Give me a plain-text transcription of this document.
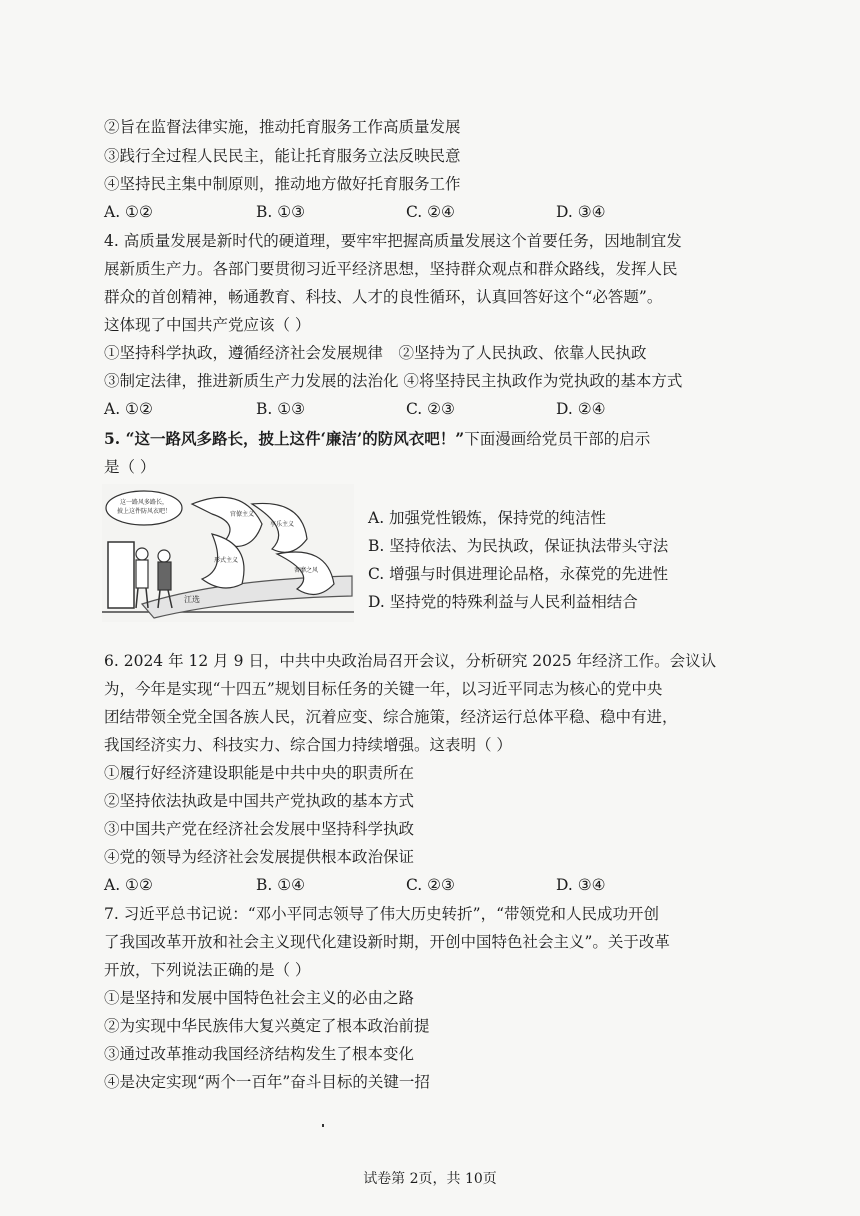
②旨在监督法律实施，推动托育服务工作高质量发展
③践行全过程人民民主，能让托育服务立法反映民意
④坚持民主集中制原则，推动地方做好托育服务工作
A. ①②	B. ①③	C. ②④	D. ③④
4. 高质量发展是新时代的硬道理，要牢牢把握高质量发展这个首要任务，因地制宜发
展新质生产力。各部门要贯彻习近平经济思想，坚持群众观点和群众路线，发挥人民
群众的首创精神，畅通教育、科技、人才的良性循环，认真回答好这个“必答题”。
这体现了中国共产党应该（ ）
①坚持科学执政，遵循经济社会发展规律　②坚持为了人民执政、依靠人民执政
③制定法律，推进新质生产力发展的法治化 ④将坚持民主执政作为党执政的基本方式
A. ①②	B. ①③	C. ②③	D. ②④
5. “这一路风多路长，披上这件‘廉洁’的防风衣吧！”下面漫画给党员干部的启示
是（ ）
这一路风多路长，
披上这件防风衣吧！	官僚主义
形式主义
享乐主义
奢靡之风
江选
A. 加强党性锻炼，保持党的纯洁性
B. 坚持依法、为民执政，保证执法带头守法
C. 增强与时俱进理论品格，永葆党的先进性
D. 坚持党的特殊利益与人民利益相结合
6. 2024 年 12 月 9 日，中共中央政治局召开会议，分析研究 2025 年经济工作。会议认
为，今年是实现“十四五”规划目标任务的关键一年，以习近平同志为核心的党中央
团结带领全党全国各族人民，沉着应变、综合施策，经济运行总体平稳、稳中有进，
我国经济实力、科技实力、综合国力持续增强。这表明（ ）
①履行好经济建设职能是中共中央的职责所在
②坚持依法执政是中国共产党执政的基本方式
③中国共产党在经济社会发展中坚持科学执政
④党的领导为经济社会发展提供根本政治保证
A. ①②	B. ①④	C. ②③	D. ③④
7. 习近平总书记说：“邓小平同志领导了伟大历史转折”，“带领党和人民成功开创
了我国改革开放和社会主义现代化建设新时期，开创中国特色社会主义”。关于改革
开放，下列说法正确的是（ ）
①是坚持和发展中国特色社会主义的必由之路
②为实现中华民族伟大复兴奠定了根本政治前提
③通过改革推动我国经济结构发生了根本变化
④是决定实现“两个一百年”奋斗目标的关键一招
试卷第 2页，共 10页
